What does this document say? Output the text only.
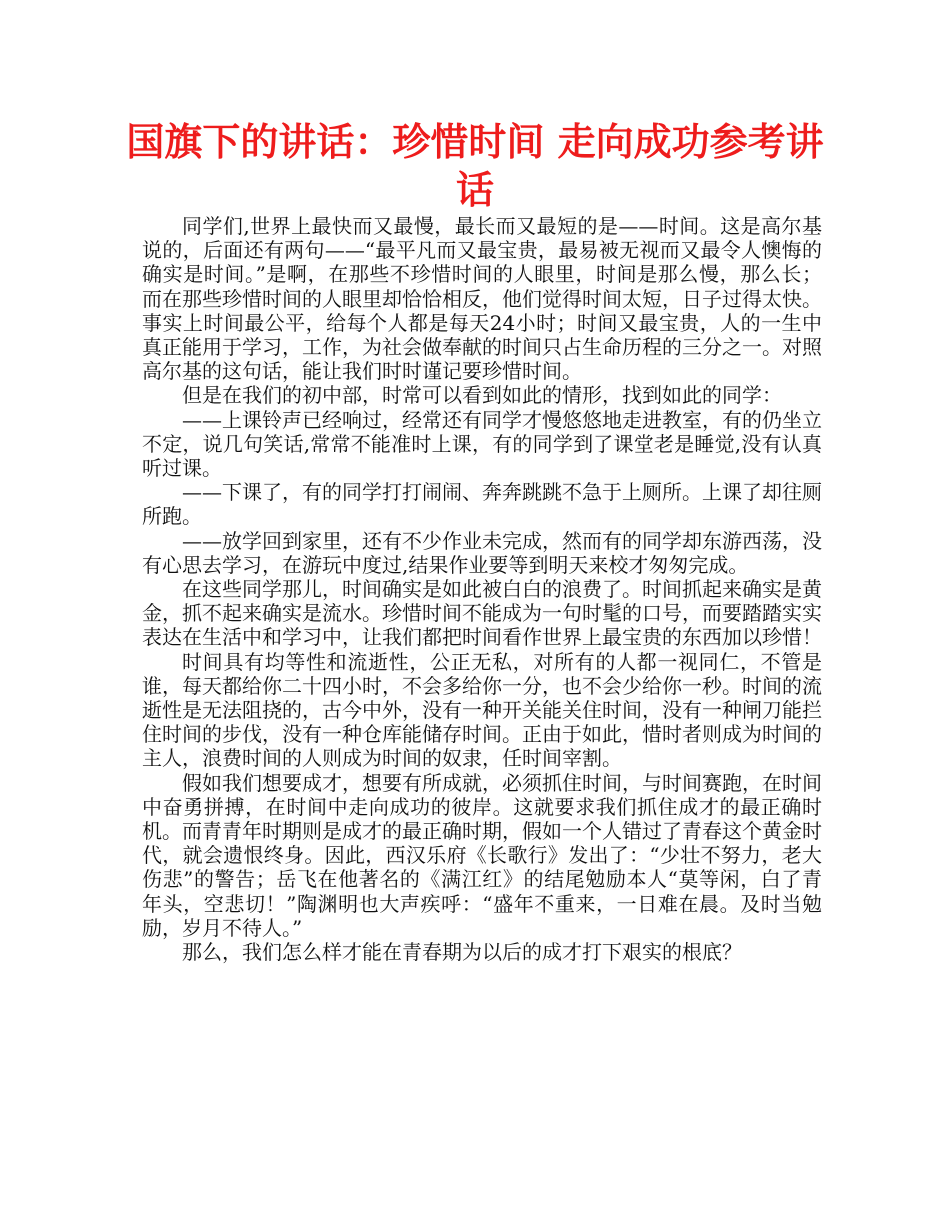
国旗下的讲话：珍惜时间 走向成功参考讲话

同学们,世界上最快而又最慢，最长而又最短的是——时间。这是高尔基说的，后面还有两句——“最平凡而又最宝贵，最易被无视而又最令人懊悔的确实是时间。”是啊，在那些不珍惜时间的人眼里，时间是那么慢，那么长；而在那些珍惜时间的人眼里却恰恰相反，他们觉得时间太短，日子过得太快。事实上时间最公平，给每个人都是每天24小时；时间又最宝贵，人的一生中真正能用于学习，工作，为社会做奉献的时间只占生命历程的三分之一。对照高尔基的这句话，能让我们时时谨记要珍惜时间。

但是在我们的初中部，时常可以看到如此的情形，找到如此的同学：

——上课铃声已经响过，经常还有同学才慢悠悠地走进教室，有的仍坐立不定，说几句笑话,常常不能准时上课，有的同学到了课堂老是睡觉,没有认真听过课。

——下课了，有的同学打打闹闹、奔奔跳跳不急于上厕所。上课了却往厕所跑。

——放学回到家里，还有不少作业未完成，然而有的同学却东游西荡，没有心思去学习，在游玩中度过,结果作业要等到明天来校才匆匆完成。

在这些同学那儿，时间确实是如此被白白的浪费了。时间抓起来确实是黄金，抓不起来确实是流水。珍惜时间不能成为一句时髦的口号，而要踏踏实实表达在生活中和学习中，让我们都把时间看作世界上最宝贵的东西加以珍惜！

时间具有均等性和流逝性，公正无私，对所有的人都一视同仁，不管是谁，每天都给你二十四小时，不会多给你一分，也不会少给你一秒。时间的流逝性是无法阻挠的，古今中外，没有一种开关能关住时间，没有一种闸刀能拦住时间的步伐，没有一种仓库能储存时间。正由于如此，惜时者则成为时间的主人，浪费时间的人则成为时间的奴隶，任时间宰割。

假如我们想要成才，想要有所成就，必须抓住时间，与时间赛跑，在时间中奋勇拼搏，在时间中走向成功的彼岸。这就要求我们抓住成才的最正确时机。而青青年时期则是成才的最正确时期，假如一个人错过了青春这个黄金时代，就会遗恨终身。因此，西汉乐府《长歌行》发出了：“少壮不努力，老大伤悲”的警告；岳飞在他著名的《满江红》的结尾勉励本人“莫等闲，白了青年头，空悲切！”陶渊明也大声疾呼：“盛年不重来，一日难在晨。及时当勉励，岁月不待人。”

那么，我们怎么样才能在青春期为以后的成才打下艰实的根底？
